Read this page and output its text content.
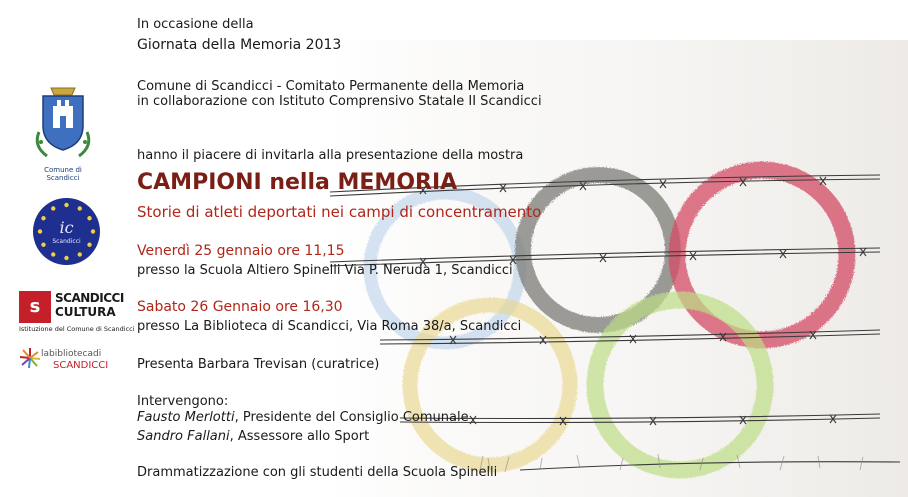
Comune di Scandicci
ic
Scandicci
s	SCANDICCI
CULTURA
Istituzione del Comune di Scandicci
labibliotecadi
SCANDICCI
In occasione della
Giornata della Memoria 2013
Comune di Scandicci - Comitato Permanente della Memoria
in collaborazione con Istituto Comprensivo Statale II Scandicci
hanno il piacere di invitarla alla presentazione della mostra
CAMPIONI nella MEMORIA
Storie di atleti deportati nei campi di concentramento
Venerdì 25 gennaio ore 11,15
presso la Scuola Altiero Spinelli Via P. Neruda 1, Scandicci
Sabato 26 Gennaio ore 16,30
presso La Biblioteca di Scandicci, Via Roma 38/a, Scandicci
Presenta Barbara Trevisan (curatrice)
Intervengono:
Fausto Merlotti, Presidente del Consiglio Comunale
Sandro Fallani, Assessore allo Sport
Drammatizzazione con gli studenti della Scuola Spinelli
